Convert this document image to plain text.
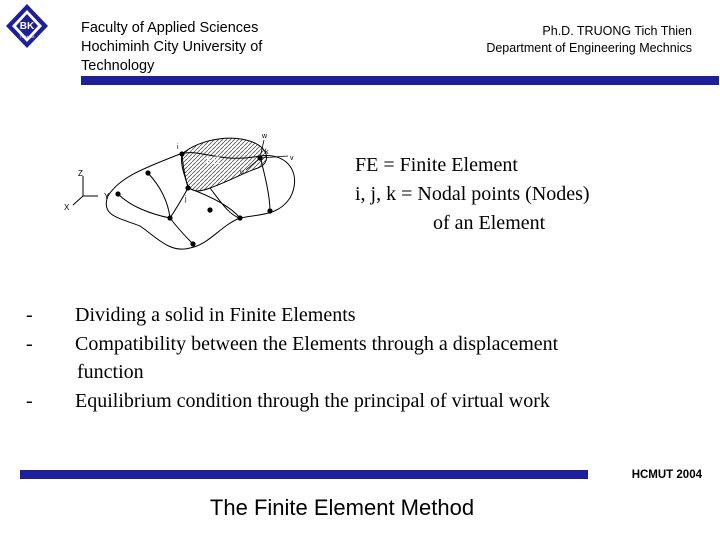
BK
TP.HCM
Faculty of Applied Sciences
Hochiminh City University of
Technology
Ph.D. TRUONG Tich Thien
Department of Engineering Mechnics
Z
Y
X
FE
i
j
k
u
v
w
FE = Finite Element
i, j, k = Nodal points (Nodes)
of an Element
-	Dividing a solid in Finite Elements
-	Compatibility between the Elements through a displacement
function
-	Equilibrium condition through the principal of virtual work
HCMUT 2004
The Finite Element Method
